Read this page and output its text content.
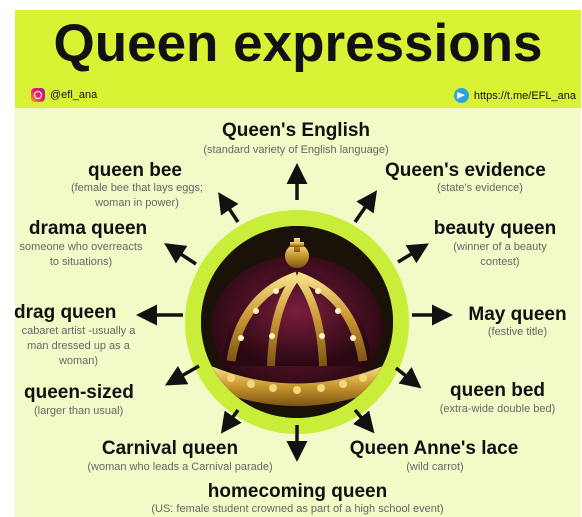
Queen expressions
@efl_ana	https://t.me/EFL_ana
Queen's English
(standard variety of English language)
Queen's evidence
(state's evidence)
queen bee
(female bee that lays eggs;
woman in power)
beauty queen
(winner of a beauty
contest)
drama queen
someone who overreacts
to situations)
May queen
(festive title)
drag queen
cabaret artist -usually a
man dressed up as a
woman)
queen-sized
(larger than usual)
queen bed
(extra-wide double bed)
Carnival queen
(woman who leads a Carnival parade)
Queen Anne's lace
(wild carrot)
homecoming queen
(US: female student crowned as part of a high school event)
